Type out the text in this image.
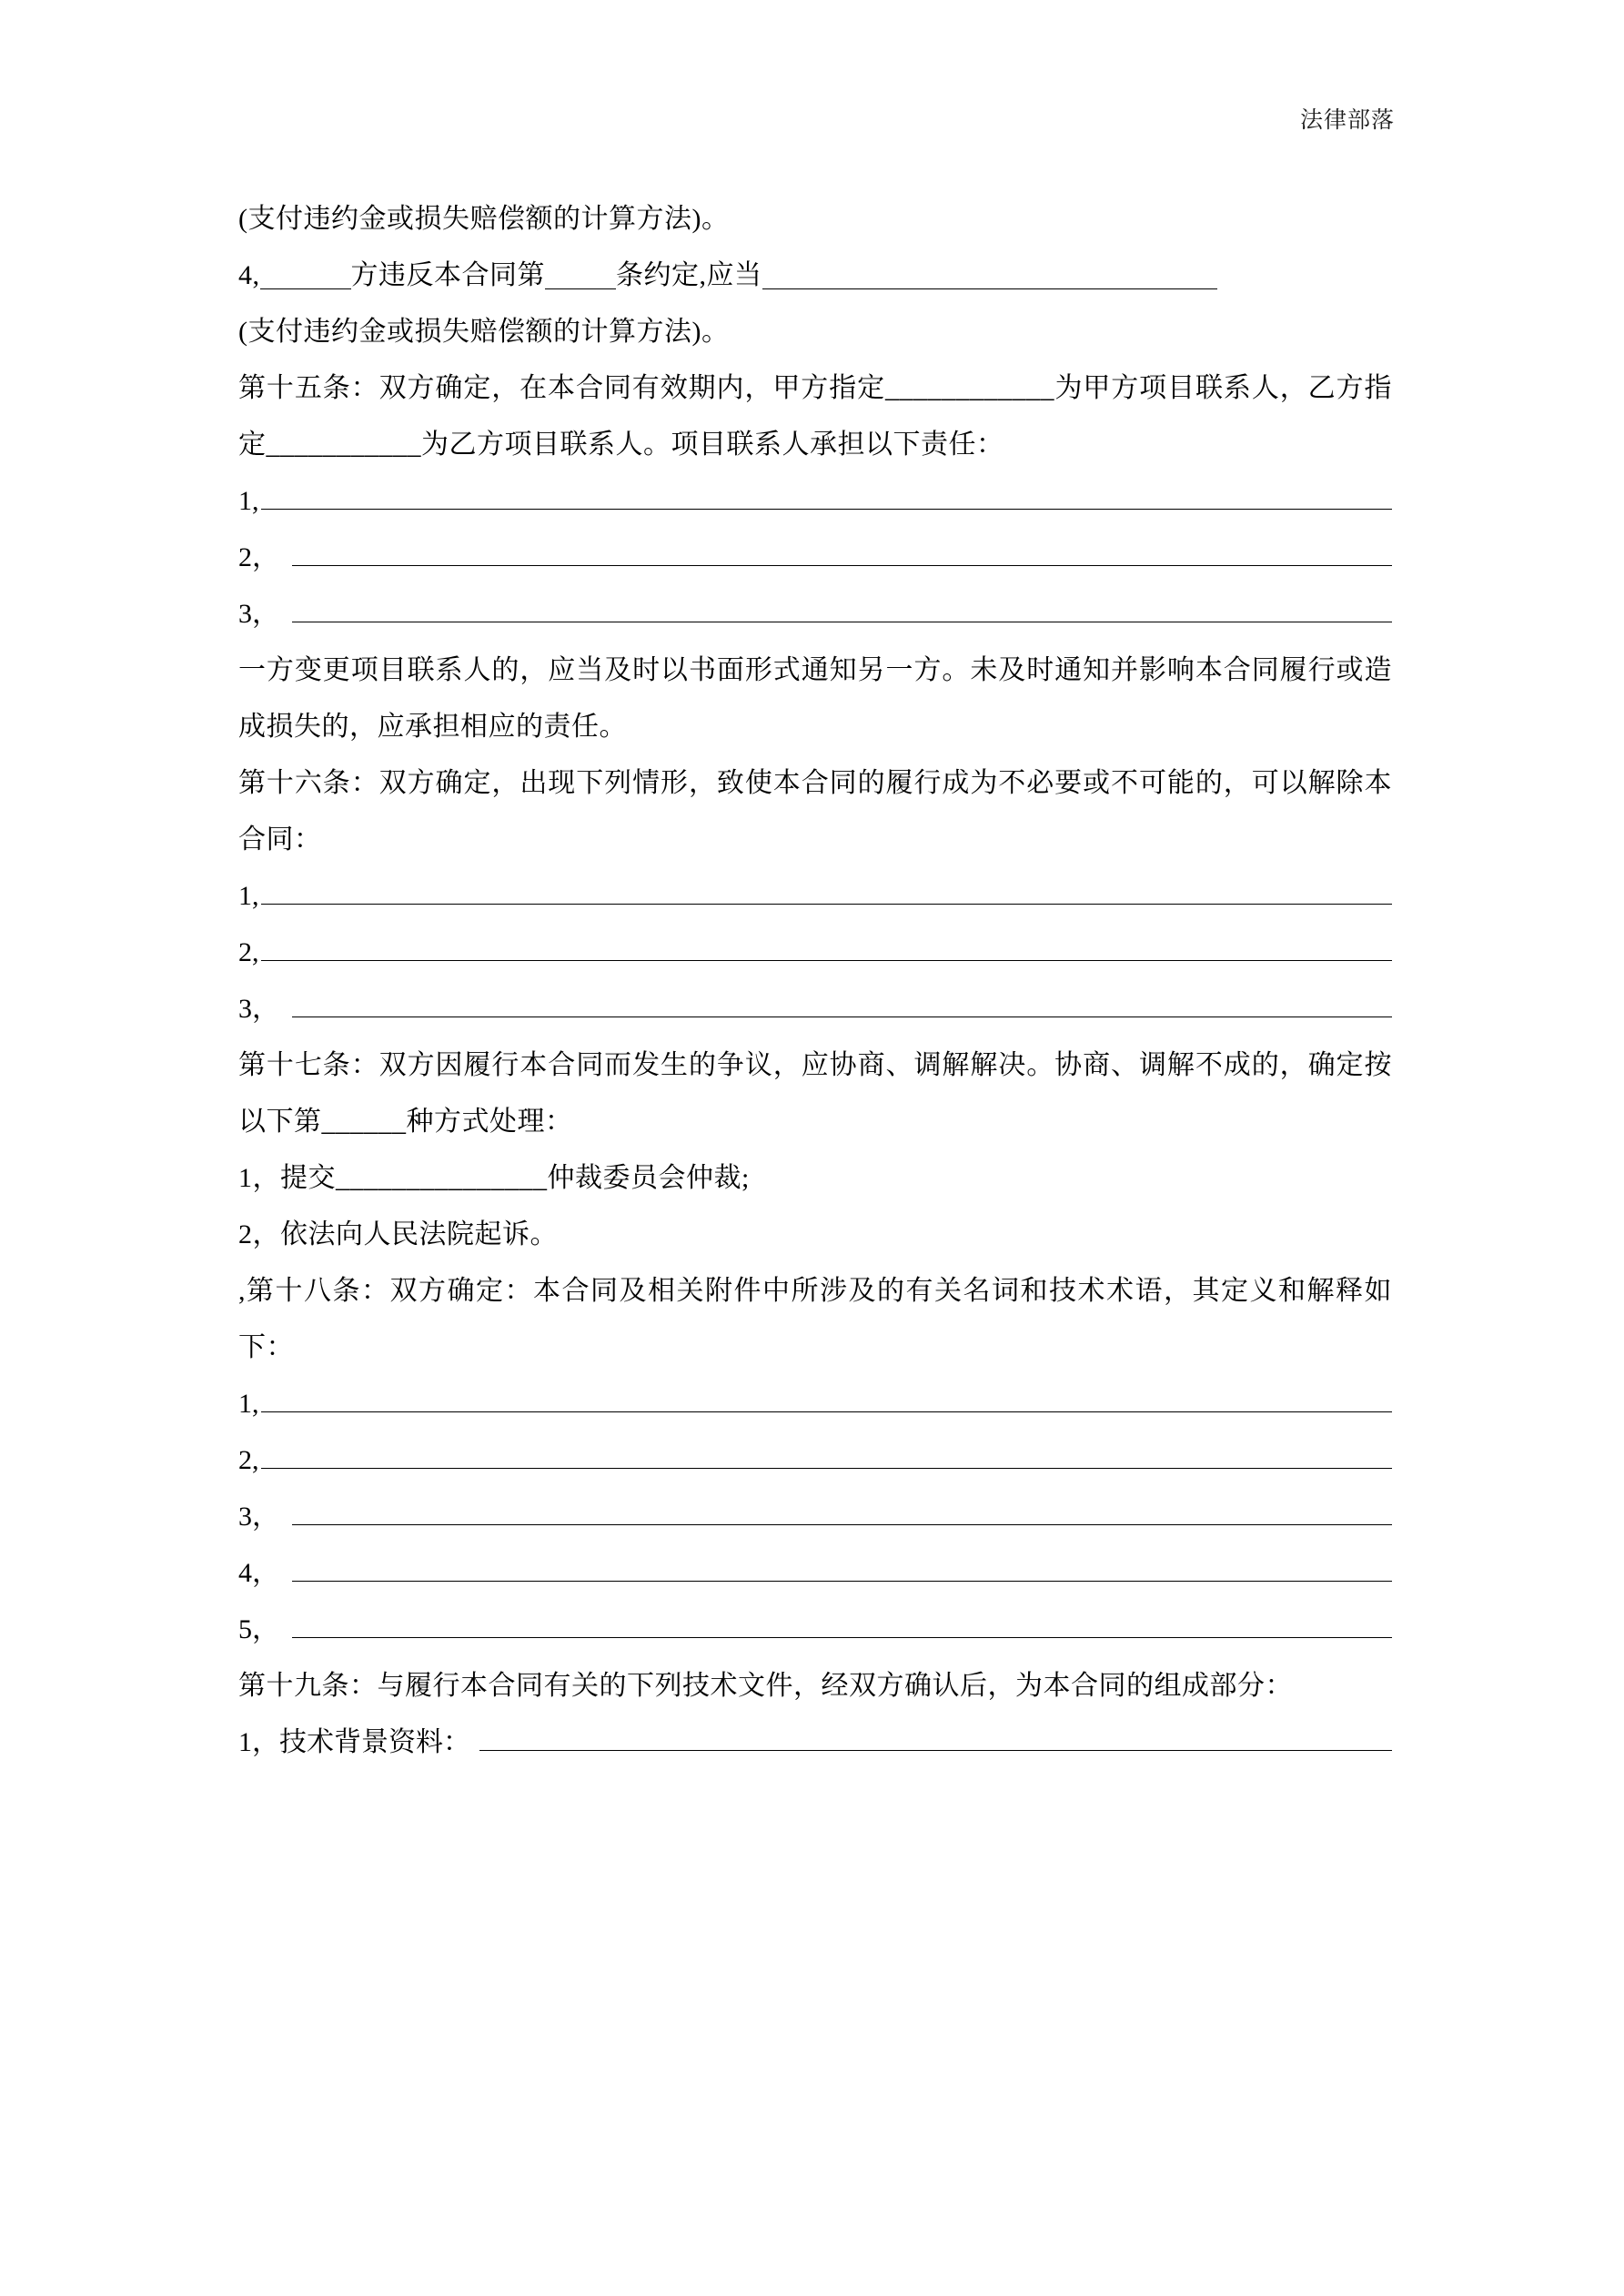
法律部落

(支付违约金或损失赔偿额的计算方法)。

4,	方违反本合同第	条约定,应当

(支付违约金或损失赔偿额的计算方法)。

第十五条：双方确定，在本合同有效期内，甲方指定____________为甲方项目联系人，乙方指定___________为乙方项目联系人。项目联系人承担以下责任：

1,
2，
3，

一方变更项目联系人的，应当及时以书面形式通知另一方。未及时通知并影响本合同履行或造成损失的，应承担相应的责任。

第十六条：双方确定，出现下列情形，致使本合同的履行成为不必要或不可能的，可以解除本合同：

1,
2,
3，

第十七条：双方因履行本合同而发生的争议，应协商、调解解决。协商、调解不成的，确定按以下第______种方式处理：

1，提交_______________仲裁委员会仲裁;

2，依法向人民法院起诉。

,第十八条：双方确定：本合同及相关附件中所涉及的有关名词和技术术语，其定义和解释如下：

1,
2,
3，
4，
5，

第十九条：与履行本合同有关的下列技术文件，经双方确认后，为本合同的组成部分：

1，技术背景资料：
